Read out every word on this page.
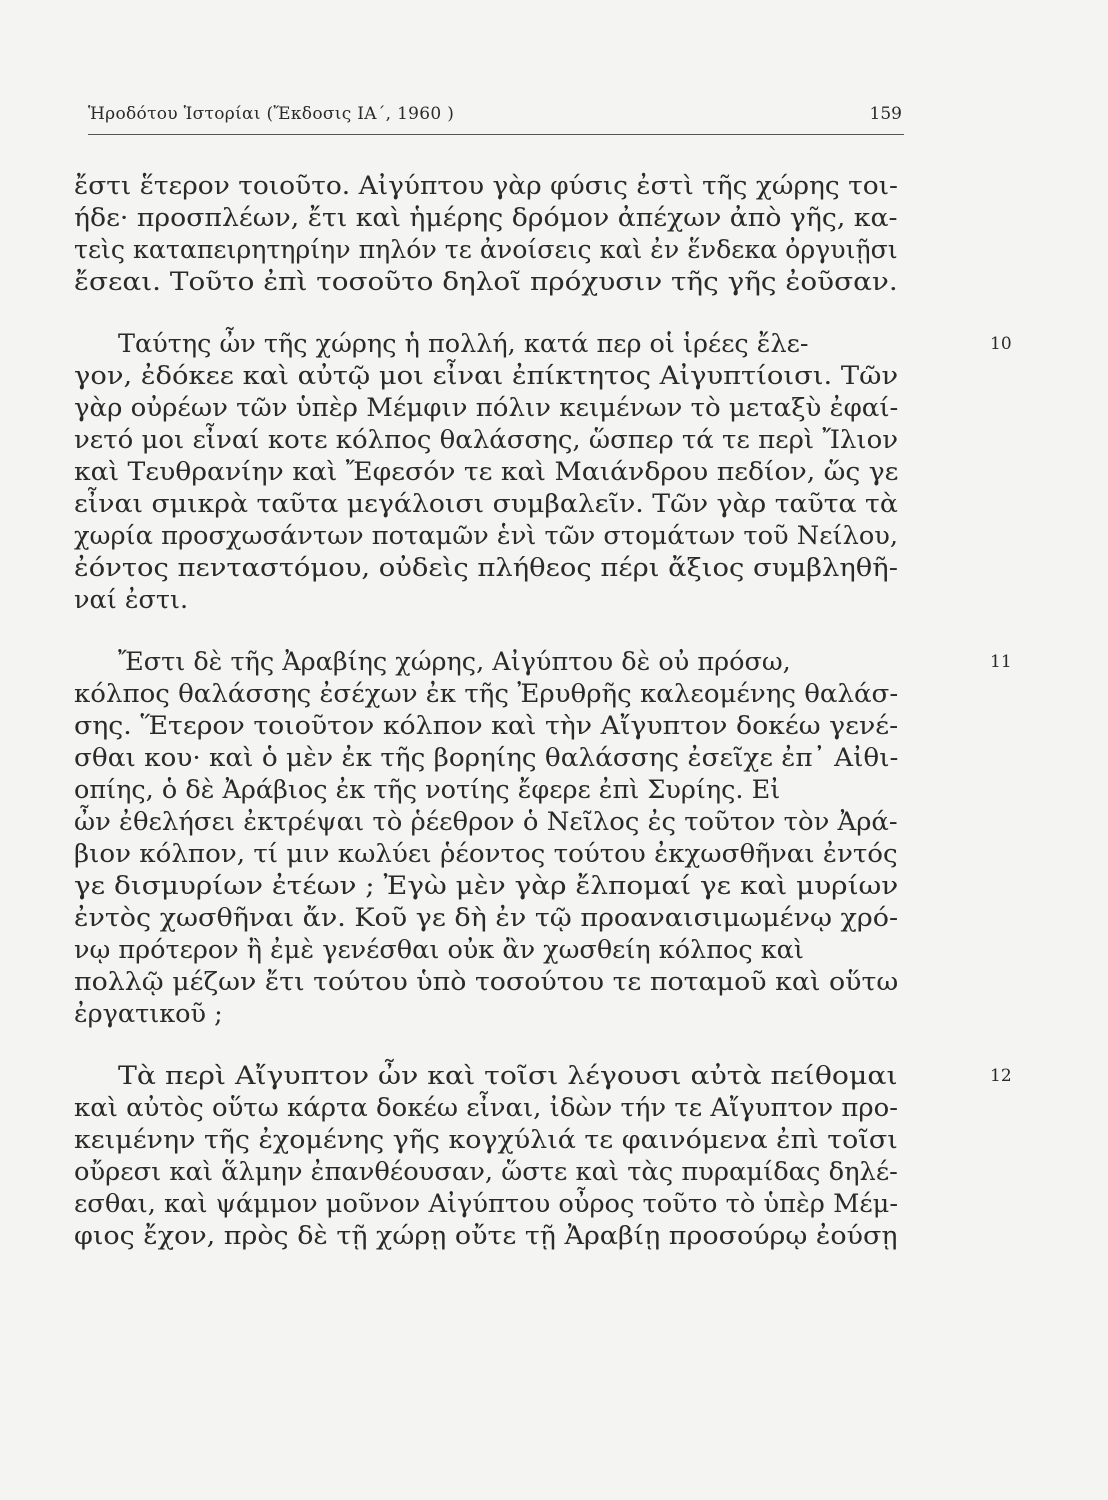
Ἡροδότου Ἱστορίαι (Ἔκδοσις ΙΑ΄, 1960 )	159
ἔστι ἕτερον τοιοῦτο. Αἰγύπτου γὰρ φύσις ἐστὶ τῆς χώρης τοι-
ήδε· προσπλέων, ἔτι καὶ ἡμέρης δρόμον ἀπέχων ἀπὸ γῆς, κα-
τεὶς καταπειρητηρίην πηλόν τε ἀνοίσεις καὶ ἐν ἕνδεκα ὀργυιῇσι
ἔσεαι. Τοῦτο ἐπὶ τοσοῦτο δηλοῖ πρόχυσιν τῆς γῆς ἐοῦσαν.
Ταύτης ὦν τῆς χώρης ἡ πολλή, κατά περ οἱ ἱρέες ἔλε-
γον, ἐδόκεε καὶ αὐτῷ μοι εἶναι ἐπίκτητος Αἰγυπτίοισι. Τῶν
γὰρ οὐρέων τῶν ὑπὲρ Μέμφιν πόλιν κειμένων τὸ μεταξὺ ἐφαί-
νετό μοι εἶναί κοτε κόλπος θαλάσσης, ὥσπερ τά τε περὶ Ἴλιον
καὶ Τευθρανίην καὶ Ἔφεσόν τε καὶ Μαιάνδρου πεδίον, ὥς γε
εἶναι σμικρὰ ταῦτα μεγάλοισι συμβαλεῖν. Τῶν γὰρ ταῦτα τὰ
χωρία προσχωσάντων ποταμῶν ἑνὶ τῶν στομάτων τοῦ Νείλου,
ἐόντος πενταστόμου, οὐδεὶς πλήθεος πέρι ἄξιος συμβληθῆ-
ναί ἐστι.
Ἔστι δὲ τῆς Ἀραβίης χώρης, Αἰγύπτου δὲ οὐ πρόσω,
κόλπος θαλάσσης ἐσέχων ἐκ τῆς Ἐρυθρῆς καλεομένης θαλάσ-
σης. Ἕτερον τοιοῦτον κόλπον καὶ τὴν Αἴγυπτον δοκέω γενέ-
σθαι κου· καὶ ὁ μὲν ἐκ τῆς βορηίης θαλάσσης ἐσεῖχε ἐπ᾽ Αἰθι-
οπίης, ὁ δὲ Ἀράβιος ἐκ τῆς νοτίης ἔφερε ἐπὶ Συρίης. Εἰ
ὦν ἐθελήσει ἐκτρέψαι τὸ ῥέεθρον ὁ Νεῖλος ἐς τοῦτον τὸν Ἀρά-
βιον κόλπον, τί μιν κωλύει ῥέοντος τούτου ἐκχωσθῆναι ἐντός
γε δισμυρίων ἐτέων ; Ἐγὼ μὲν γὰρ ἔλπομαί γε καὶ μυρίων
ἐντὸς χωσθῆναι ἄν. Κοῦ γε δὴ ἐν τῷ προαναισιμωμένῳ χρό-
νῳ πρότερον ἢ ἐμὲ γενέσθαι οὐκ ἂν χωσθείη κόλπος καὶ
πολλῷ μέζων ἔτι τούτου ὑπὸ τοσούτου τε ποταμοῦ καὶ οὕτω
ἐργατικοῦ ;
Τὰ περὶ Αἴγυπτον ὦν καὶ τοῖσι λέγουσι αὐτὰ πείθομαι
καὶ αὐτὸς οὕτω κάρτα δοκέω εἶναι, ἰδὼν τήν τε Αἴγυπτον προ-
κειμένην τῆς ἐχομένης γῆς κογχύλιά τε φαινόμενα ἐπὶ τοῖσι
οὔρεσι καὶ ἅλμην ἐπανθέουσαν, ὥστε καὶ τὰς πυραμίδας δηλέ-
εσθαι, καὶ ψάμμον μοῦνον Αἰγύπτου οὖρος τοῦτο τὸ ὑπὲρ Μέμ-
φιος ἔχον, πρὸς δὲ τῇ χώρῃ οὔτε τῇ Ἀραβίῃ προσούρῳ ἐούσῃ
10
11
12
